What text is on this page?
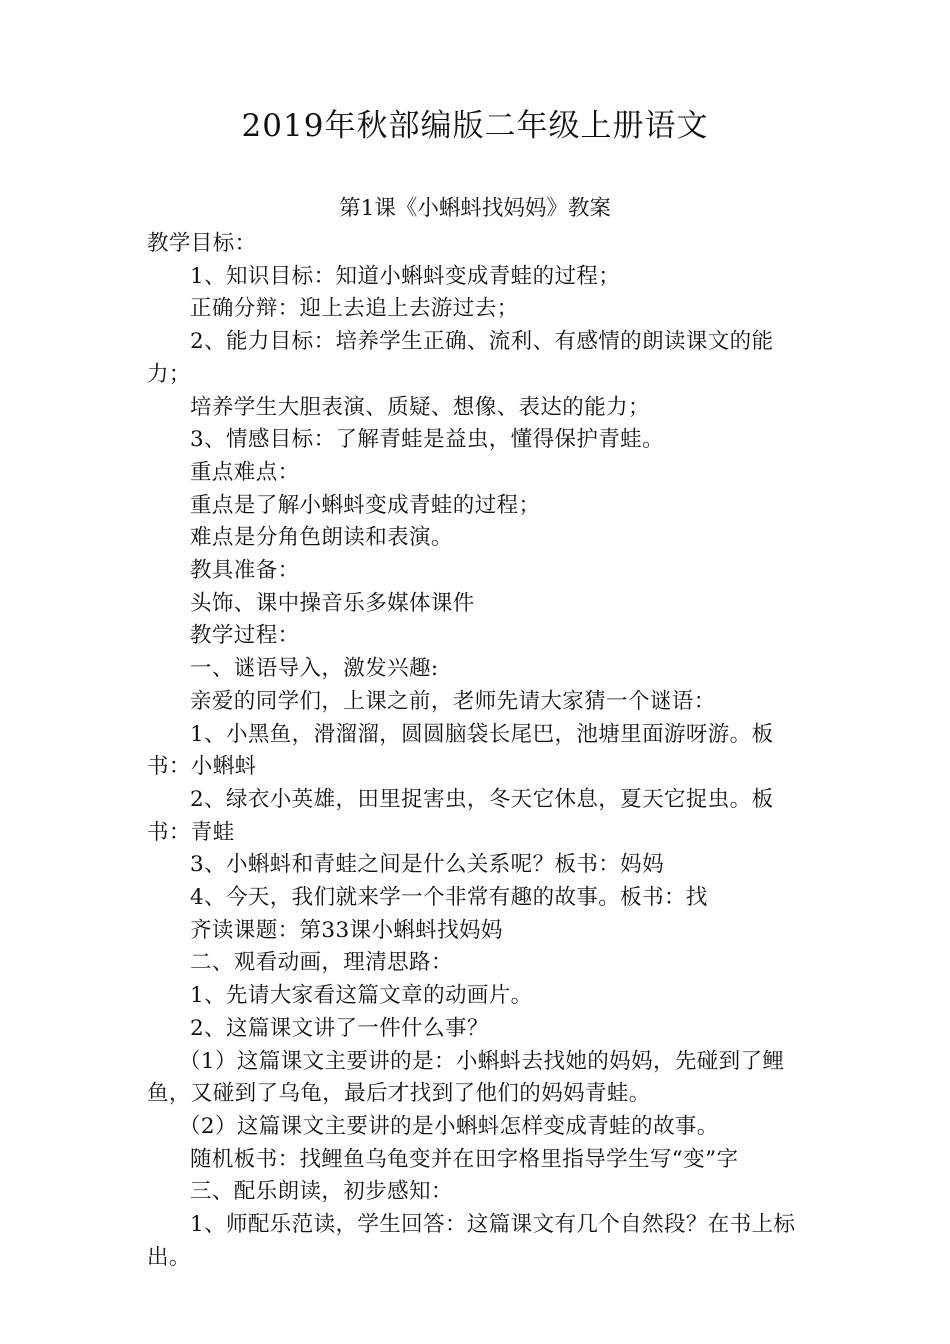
2019年秋部编版二年级上册语文
第1课《小蝌蚪找妈妈》教案

教学目标：

1、知识目标：知道小蝌蚪变成青蛙的过程；

正确分辩：迎上去追上去游过去；

2、能力目标：培养学生正确、流利、有感情的朗读课文的能力；

培养学生大胆表演、质疑、想像、表达的能力；

3、情感目标：了解青蛙是益虫，懂得保护青蛙。

重点难点：

重点是了解小蝌蚪变成青蛙的过程；

难点是分角色朗读和表演。

教具准备：

头饰、课中操音乐多媒体课件

教学过程：

一、谜语导入，激发兴趣:

亲爱的同学们，上课之前，老师先请大家猜一个谜语：

1、小黑鱼，滑溜溜，圆圆脑袋长尾巴，池塘里面游呀游。板书：小蝌蚪

2、绿衣小英雄，田里捉害虫，冬天它休息，夏天它捉虫。板书：青蛙

3、小蝌蚪和青蛙之间是什么关系呢？板书：妈妈

4、今天，我们就来学一个非常有趣的故事。板书：找

齐读课题：第33课小蝌蚪找妈妈

二、观看动画，理清思路：

1、先请大家看这篇文章的动画片。

2、这篇课文讲了一件什么事？

（1）这篇课文主要讲的是：小蝌蚪去找她的妈妈，先碰到了鲤鱼，又碰到了乌龟，最后才找到了他们的妈妈青蛙。

（2）这篇课文主要讲的是小蝌蚪怎样变成青蛙的故事。

随机板书：找鲤鱼乌龟变并在田字格里指导学生写“变”字

三、配乐朗读，初步感知：

1、师配乐范读，学生回答：这篇课文有几个自然段？在书上标出。
